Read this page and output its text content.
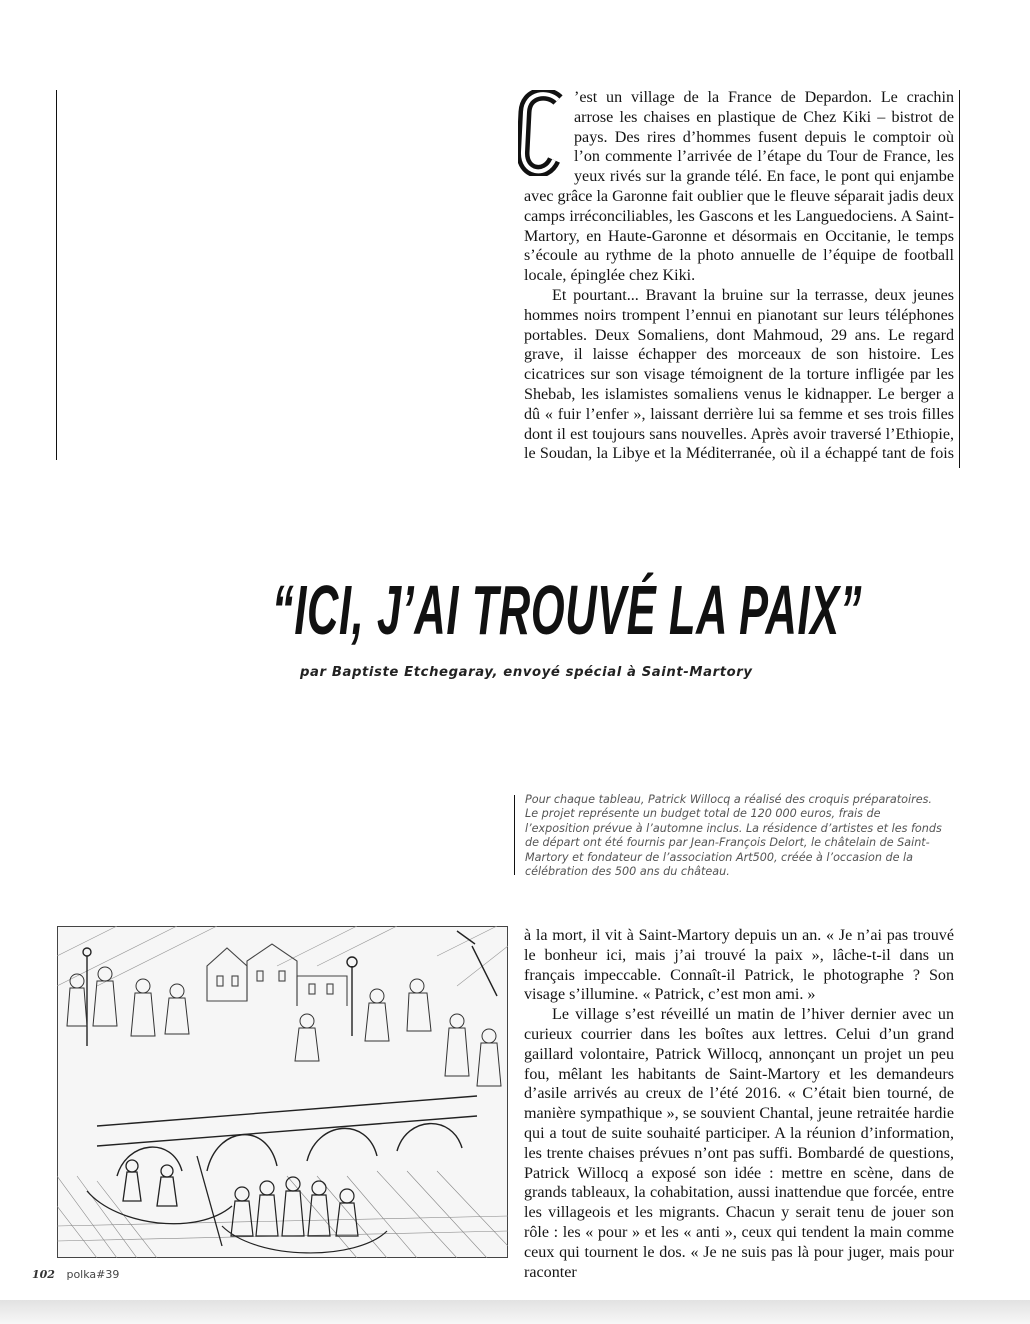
’est un village de la France de Depardon. Le crachin arrose les chaises en plastique de Chez Kiki – bistrot de pays. Des rires d’hommes fusent depuis le comptoir où l’on commente l’arrivée de l’étape du Tour de France, les yeux rivés sur la grande télé. En face, le pont qui enjambe avec grâce la Garonne fait oublier que le fleuve séparait jadis deux camps irréconciliables, les Gascons et les Languedociens. A Saint-Martory, en Haute-Garonne et désormais en Occitanie, le temps s’écoule au rythme de la photo annuelle de l’équipe de football locale, épinglée chez Kiki.

Et pourtant... Bravant la bruine sur la terrasse, deux jeunes hommes noirs trompent l’ennui en pianotant sur leurs téléphones portables. Deux Somaliens, dont Mahmoud, 29 ans. Le regard grave, il laisse échapper des morceaux de son histoire. Les cicatrices sur son visage témoignent de la torture infligée par les Shebab, les islamistes somaliens venus le kidnapper. Le berger a dû « fuir l’enfer », laissant derrière lui sa femme et ses trois filles dont il est toujours sans nouvelles. Après avoir traversé l’Ethiopie, le Soudan, la Libye et la Méditerranée, où il a échappé tant de fois

“ICI, J’AI TROUVÉ LA PAIX”
par Baptiste Etchegaray, envoyé spécial à Saint-Martory

Pour chaque tableau, Patrick Willocq a réalisé des croquis préparatoires. Le projet représente un budget total de 120 000 euros, frais de l’exposition prévue à l’automne inclus. La résidence d’artistes et les fonds de départ ont été fournis par Jean-François Delort, le châtelain de Saint-Martory et fondateur de l’association Art500, créée à l’occasion de la célébration des 500 ans du château.

à la mort, il vit à Saint-Martory depuis un an. « Je n’ai pas trouvé le bonheur ici, mais j’ai trouvé la paix », lâche-t-il dans un français impeccable. Connaît-il Patrick, le photographe ? Son visage s’illumine. « Patrick, c’est mon ami. »

Le village s’est réveillé un matin de l’hiver dernier avec un curieux courrier dans les boîtes aux lettres. Celui d’un grand gaillard volontaire, Patrick Willocq, annonçant un projet un peu fou, mêlant les habitants de Saint-Martory et les demandeurs d’asile arrivés au creux de l’été 2016. « C’était bien tourné, de manière sympathique », se souvient Chantal, jeune retraitée hardie qui a tout de suite souhaité participer. A la réunion d’information, les trente chaises prévues n’ont pas suffi. Bombardé de questions, Patrick Willocq a exposé son idée : mettre en scène, dans de grands tableaux, la cohabitation, aussi inattendue que forcée, entre les villageois et les migrants. Chacun y serait tenu de jouer son rôle : les « pour » et les « anti », ceux qui tendent la main comme ceux qui tournent le dos. « Je ne suis pas là pour juger, mais pour raconter

102 polka#39
